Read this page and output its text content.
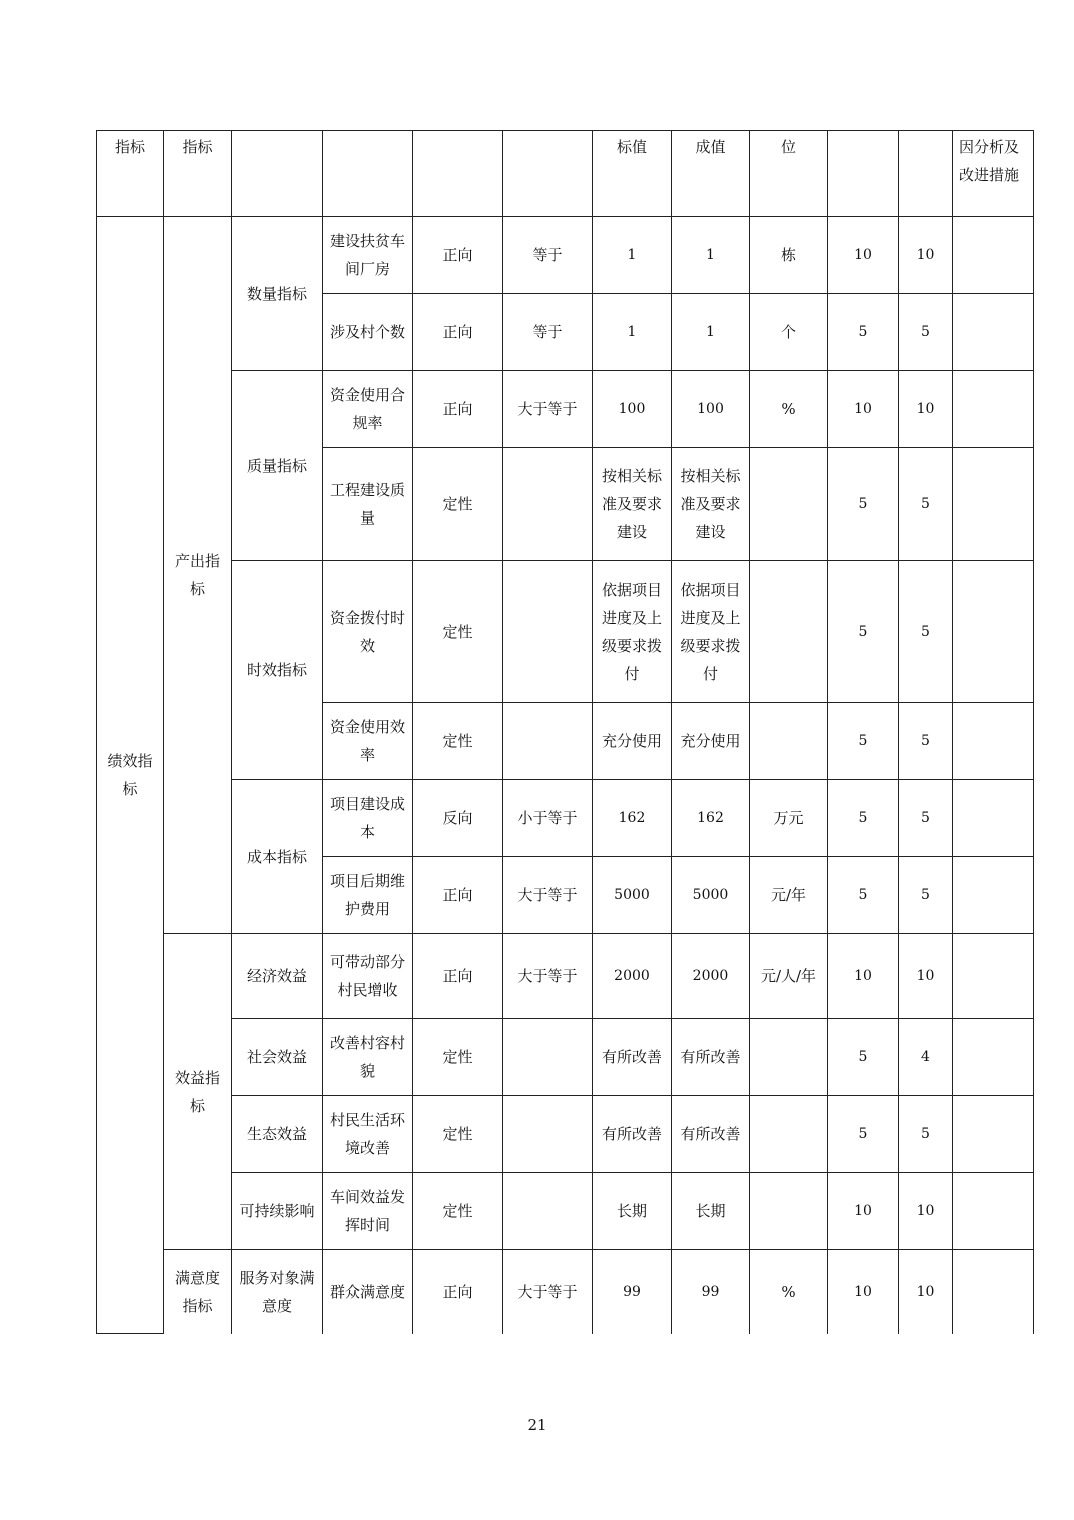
指标	指标					标值	成值	位			因分析及改进措施
绩效指标	产出指标	数量指标	建设扶贫车间厂房	正向	等于	1	1	栋	10	10	
			涉及村个数	正向	等于	1	1	个	5	5	
		质量指标	资金使用合规率	正向	大于等于	100	100	%	10	10	
			工程建设质量	定性		按相关标准及要求建设	按相关标准及要求建设		5	5	
		时效指标	资金拨付时效	定性		依据项目进度及上级要求拨付	依据项目进度及上级要求拨付		5	5	
			资金使用效率	定性		充分使用	充分使用		5	5	
		成本指标	项目建设成本	反向	小于等于	162	162	万元	5	5	
			项目后期维护费用	正向	大于等于	5000	5000	元/年	5	5	
	效益指标	经济效益	可带动部分村民增收	正向	大于等于	2000	2000	元/人/年	10	10	
		社会效益	改善村容村貌	定性		有所改善	有所改善		5	4	
		生态效益	村民生活环境改善	定性		有所改善	有所改善		5	5	
		可持续影响	车间效益发挥时间	定性		长期	长期		10	10	
	满意度指标	服务对象满意度	群众满意度	正向	大于等于	99	99	%	10	10	
21
